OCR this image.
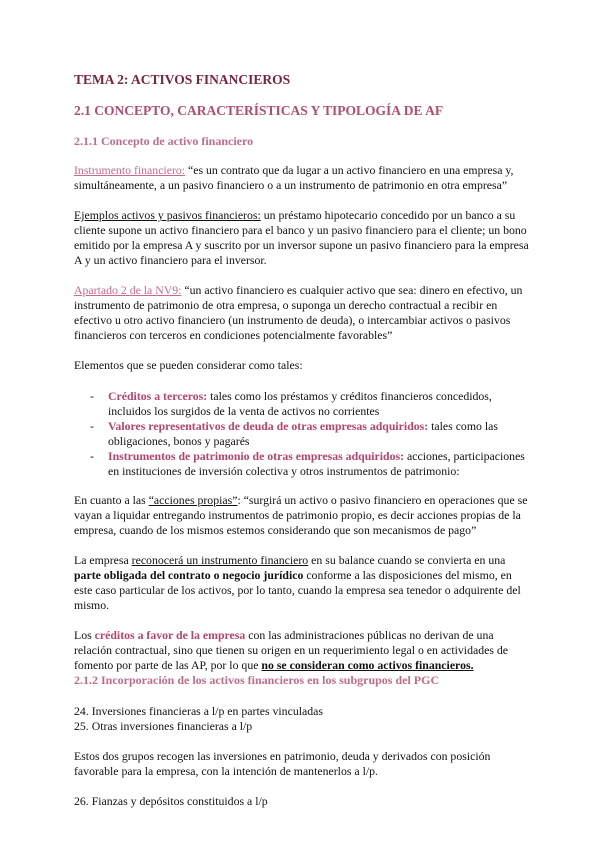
TEMA 2: ACTIVOS FINANCIEROS
2.1 CONCEPTO, CARACTERÍSTICAS Y TIPOLOGÍA DE AF
2.1.1 Concepto de activo financiero

Instrumento financiero: “es un contrato que da lugar a un activo financiero en una empresa y, simultáneamente, a un pasivo financiero o a un instrumento de patrimonio en otra empresa”

Ejemplos activos y pasivos financieros: un préstamo hipotecario concedido por un banco a su cliente supone un activo financiero para el banco y un pasivo financiero para el cliente; un bono emitido por la empresa A y suscrito por un inversor supone un pasivo financiero para la empresa A y un activo financiero para el inversor.

Apartado 2 de la NV9: “un activo financiero es cualquier activo que sea: dinero en efectivo, un instrumento de patrimonio de otra empresa, o suponga un derecho contractual a recibir en efectivo u otro activo financiero (un instrumento de deuda), o intercambiar activos o pasivos financieros con terceros en condiciones potencialmente favorables”

Elementos que se pueden considerar como tales:

- Créditos a terceros: tales como los préstamos y créditos financieros concedidos, incluidos los surgidos de la venta de activos no corrientes
- Valores representativos de deuda de otras empresas adquiridos: tales como las obligaciones, bonos y pagarés
- Instrumentos de patrimonio de otras empresas adquiridos: acciones, participaciones en instituciones de inversión colectiva y otros instrumentos de patrimonio:

En cuanto a las “acciones propias”: “surgirá un activo o pasivo financiero en operaciones que se vayan a liquidar entregando instrumentos de patrimonio propio, es decir acciones propias de la empresa, cuando de los mismos estemos considerando que son mecanismos de pago”

La empresa reconocerá un instrumento financiero en su balance cuando se convierta en una parte obligada del contrato o negocio jurídico conforme a las disposiciones del mismo, en este caso particular de los activos, por lo tanto, cuando la empresa sea tenedor o adquirente del mismo.

Los créditos a favor de la empresa con las administraciones públicas no derivan de una relación contractual, sino que tienen su origen en un requerimiento legal o en actividades de fomento por parte de las AP, por lo que no se consideran como activos financieros.

2.1.2 Incorporación de los activos financieros en los subgrupos del PGC

24. Inversiones financieras a l/p en partes vinculadas

25. Otras inversiones financieras a l/p

Estos dos grupos recogen las inversiones en patrimonio, deuda y derivados con posición favorable para la empresa, con la intención de mantenerlos a l/p.

26. Fianzas y depósitos constituidos a l/p
